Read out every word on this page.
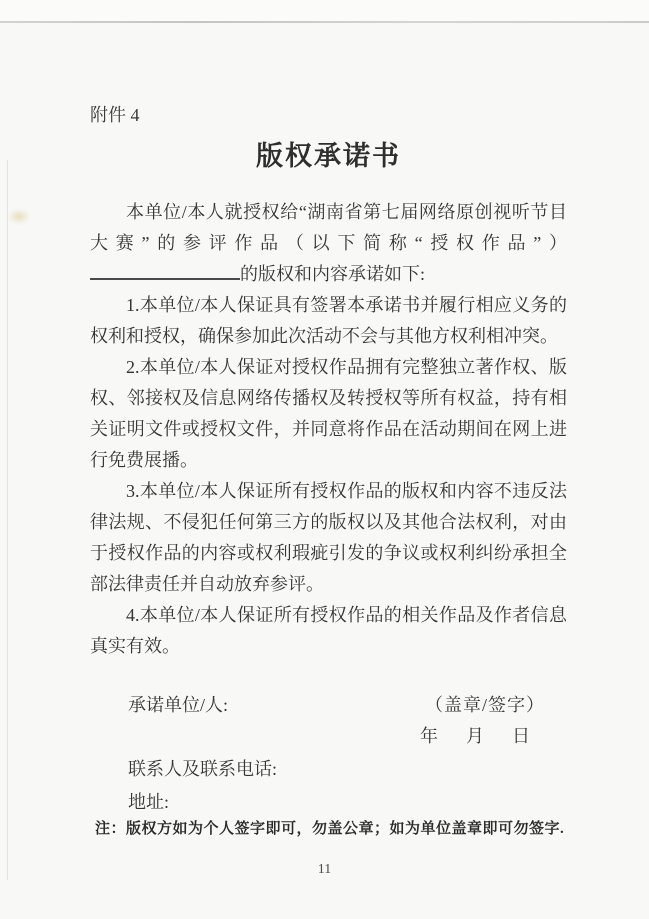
附件 4
版权承诺书

本单位/本人就授权给“湖南省第七届网络原创视听节目大赛”的参评作品（以下简称“授权作品”）的版权和内容承诺如下:

1.本单位/本人保证具有签署本承诺书并履行相应义务的权利和授权，确保参加此次活动不会与其他方权利相冲突。

2.本单位/本人保证对授权作品拥有完整独立著作权、版权、邻接权及信息网络传播权及转授权等所有权益，持有相关证明文件或授权文件，并同意将作品在活动期间在网上进行免费展播。

3.本单位/本人保证所有授权作品的版权和内容不违反法律法规、不侵犯任何第三方的版权以及其他合法权利，对由于授权作品的内容或权利瑕疵引发的争议或权利纠纷承担全部法律责任并自动放弃参评。

4.本单位/本人保证所有授权作品的相关作品及作者信息真实有效。

承诺单位/人:	（盖章/签字）
年 月 日
联系人及联系电话:
地址:
注：版权方如为个人签字即可，勿盖公章；如为单位盖章即可勿签字.
11
